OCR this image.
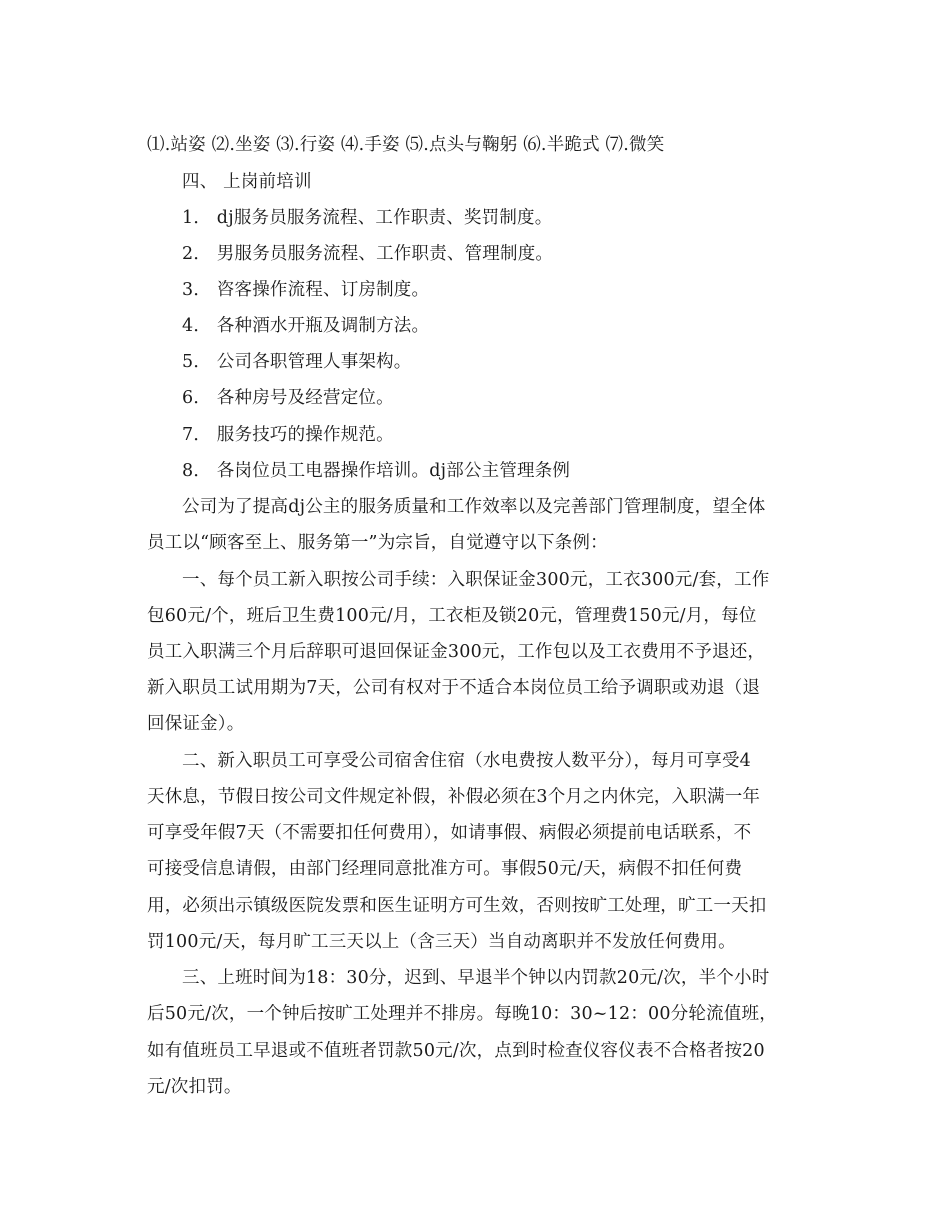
⑴.站姿 ⑵.坐姿 ⑶.行姿 ⑷.手姿 ⑸.点头与鞠躬 ⑹.半跪式 ⑺.微笑
四、 上岗前培训
1． dj服务员服务流程、工作职责、奖罚制度。
2． 男服务员服务流程、工作职责、管理制度。
3． 咨客操作流程、订房制度。
4． 各种酒水开瓶及调制方法。
5． 公司各职管理人事架构。
6． 各种房号及经营定位。
7． 服务技巧的操作规范。
8． 各岗位员工电器操作培训。dj部公主管理条例
公司为了提高dj公主的服务质量和工作效率以及完善部门管理制度，望全体
员工以“顾客至上、服务第一”为宗旨，自觉遵守以下条例：
一、每个员工新入职按公司手续：入职保证金300元，工衣300元/套，工作
包60元/个，班后卫生费100元/月，工衣柜及锁20元，管理费150元/月，每位
员工入职满三个月后辞职可退回保证金300元，工作包以及工衣费用不予退还，
新入职员工试用期为7天，公司有权对于不适合本岗位员工给予调职或劝退（退
回保证金）。
二、新入职员工可享受公司宿舍住宿（水电费按人数平分），每月可享受4
天休息，节假日按公司文件规定补假，补假必须在3个月之内休完，入职满一年
可享受年假7天（不需要扣任何费用），如请事假、病假必须提前电话联系，不
可接受信息请假，由部门经理同意批准方可。事假50元/天，病假不扣任何费
用，必须出示镇级医院发票和医生证明方可生效，否则按旷工处理，旷工一天扣
罚100元/天，每月旷工三天以上（含三天）当自动离职并不发放任何费用。
三、上班时间为18：30分，迟到、早退半个钟以内罚款20元/次，半个小时
后50元/次，一个钟后按旷工处理并不排房。每晚10：30~12：00分轮流值班，
如有值班员工早退或不值班者罚款50元/次，点到时检查仪容仪表不合格者按20
元/次扣罚。
